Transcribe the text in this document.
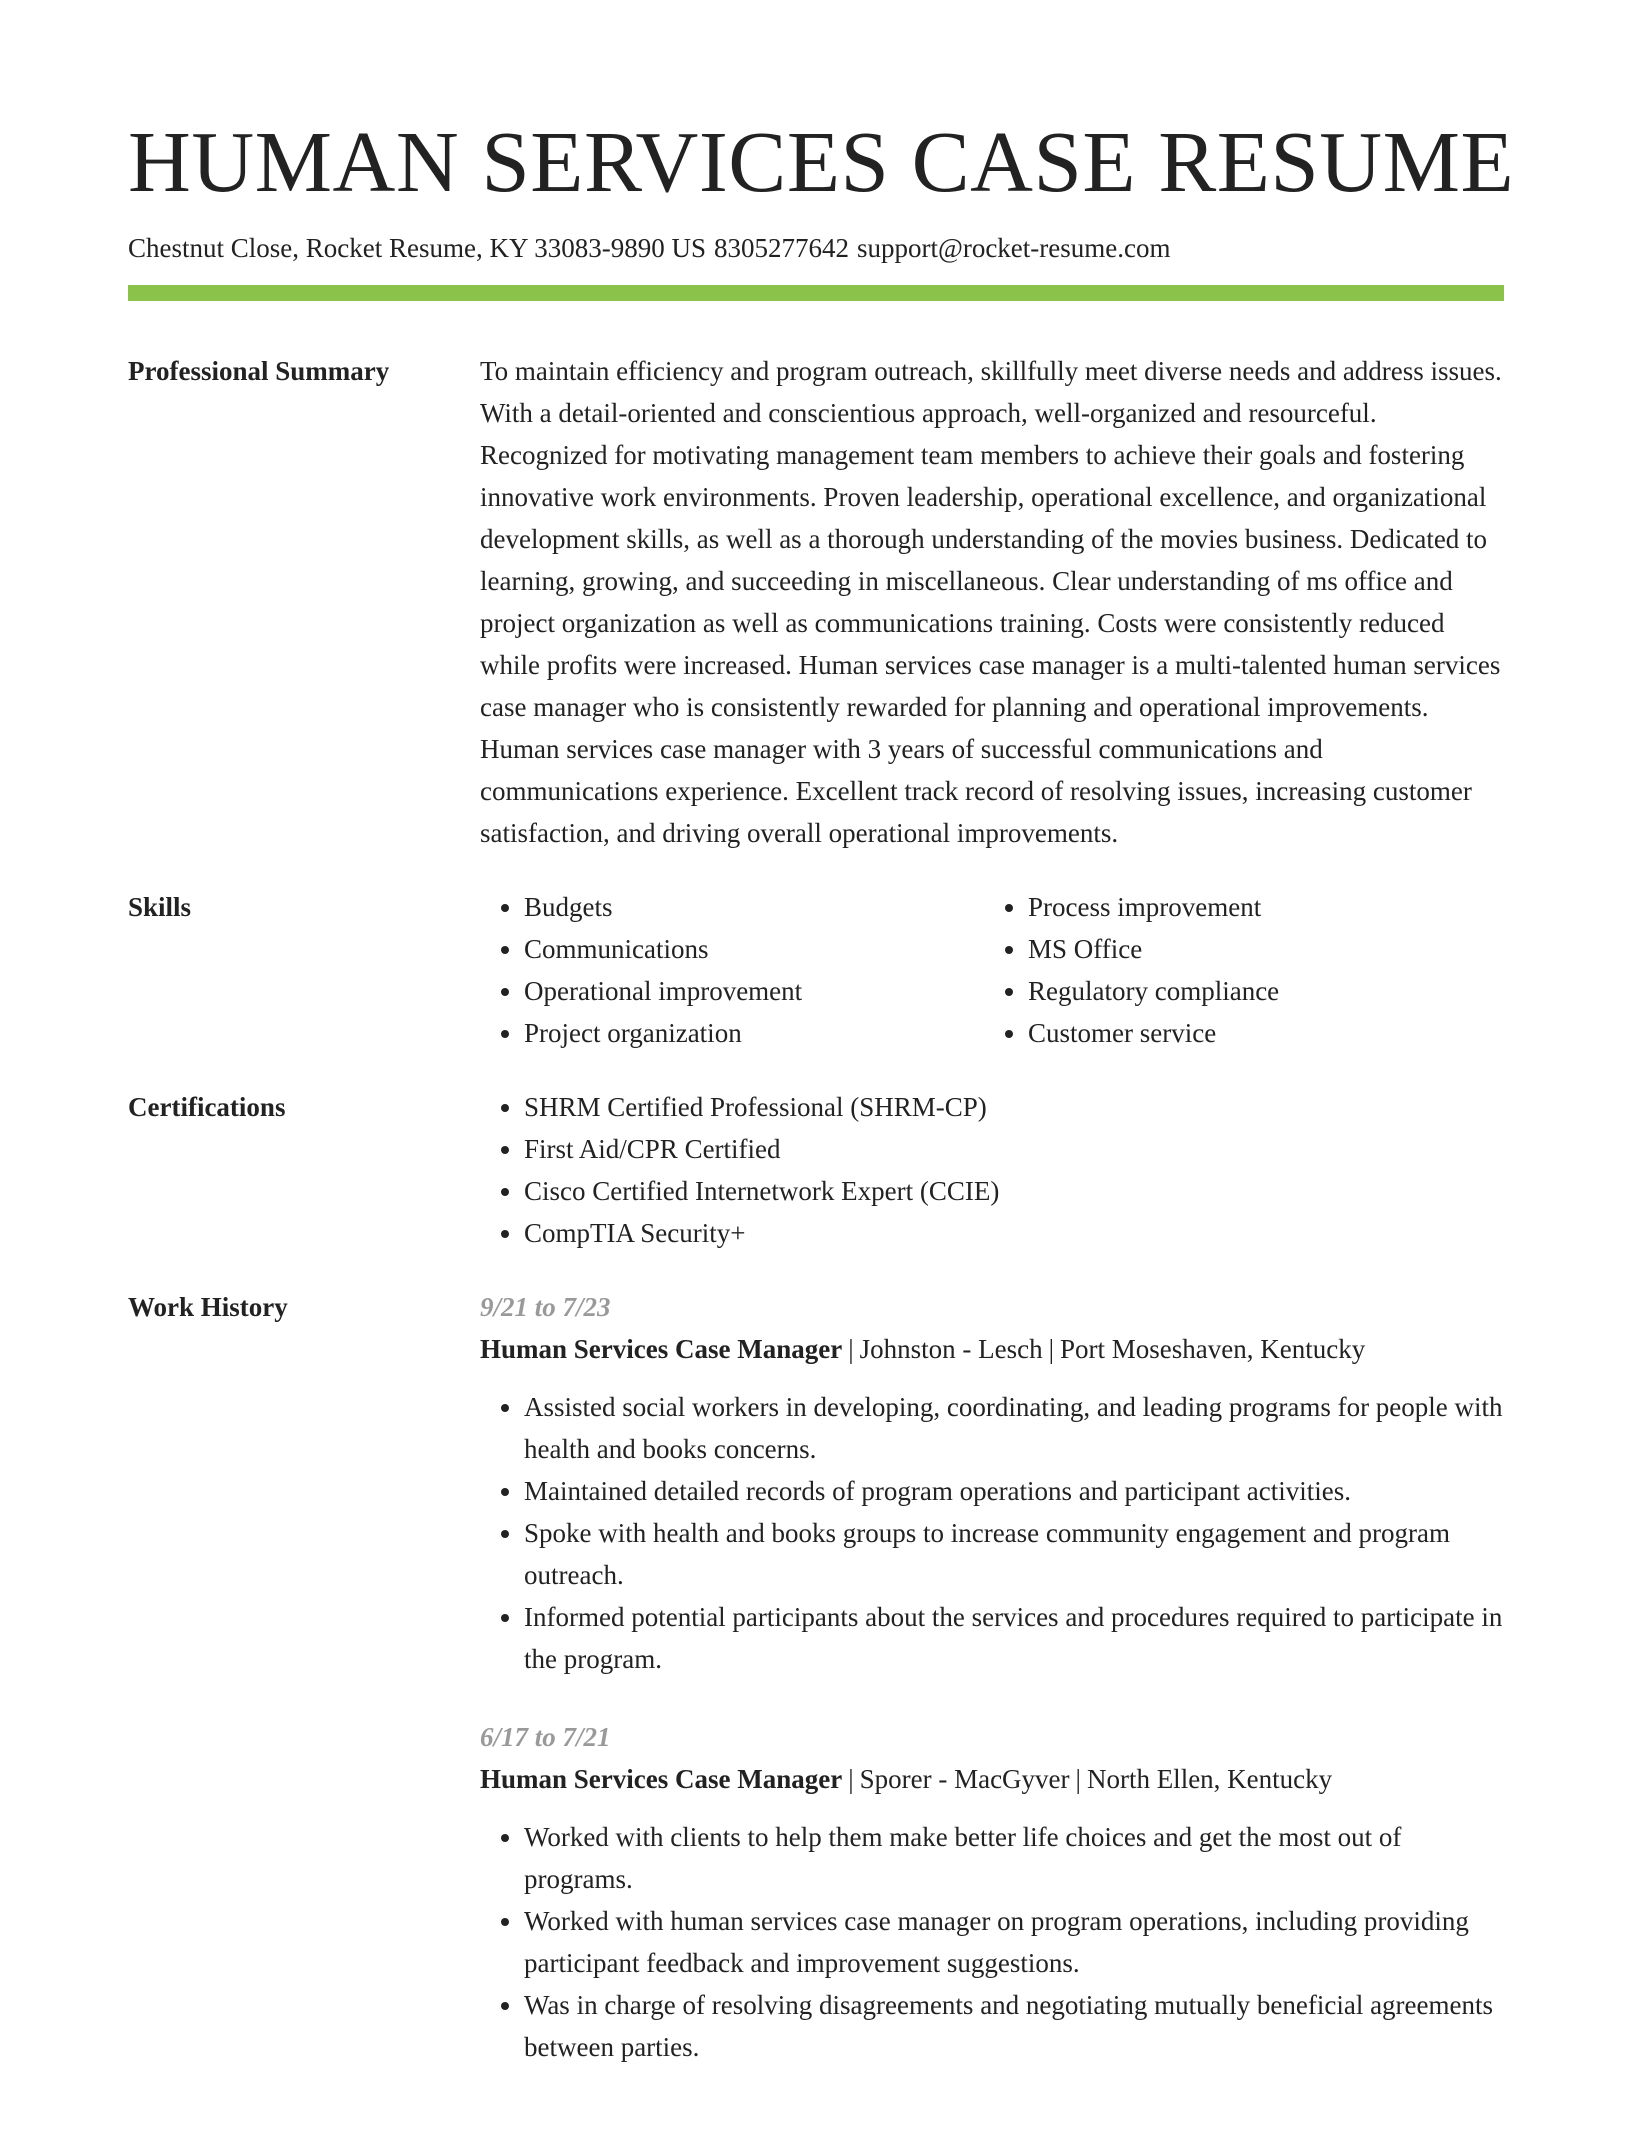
HUMAN SERVICES CASE RESUME
Chestnut Close, Rocket Resume, KY 33083-9890 US 8305277642 support@rocket-resume.com
Professional Summary	To maintain efficiency and program outreach, skillfully meet diverse needs and address issues. With a detail-oriented and conscientious approach, well-organized and resourceful. Recognized for motivating management team members to achieve their goals and fostering innovative work environments. Proven leadership, operational excellence, and organizational development skills, as well as a thorough understanding of the movies business. Dedicated to learning, growing, and succeeding in miscellaneous. Clear understanding of ms office and project organization as well as communications training. Costs were consistently reduced while profits were increased. Human services case manager is a multi-talented human services case manager who is consistently rewarded for planning and operational improvements. Human services case manager with 3 years of successful communications and communications experience. Excellent track record of resolving issues, increasing customer satisfaction, and driving overall operational improvements.

Skills	• Budgets
• Communications
• Operational improvement
• Project organization
• Process improvement
• MS Office
• Regulatory compliance
• Customer service
Certifications	• SHRM Certified Professional (SHRM-CP)
• First Aid/CPR Certified
• Cisco Certified Internetwork Expert (CCIE)
• CompTIA Security+
Work History	9/21 to 7/23
Human Services Case Manager | Johnston - Lesch | Port Moseshaven, Kentucky
• Assisted social workers in developing, coordinating, and leading programs for people with health and books concerns.
• Maintained detailed records of program operations and participant activities.
• Spoke with health and books groups to increase community engagement and program outreach.
• Informed potential participants about the services and procedures required to participate in the program.
6/17 to 7/21
Human Services Case Manager | Sporer - MacGyver | North Ellen, Kentucky
• Worked with clients to help them make better life choices and get the most out of programs.
• Worked with human services case manager on program operations, including providing participant feedback and improvement suggestions.
• Was in charge of resolving disagreements and negotiating mutually beneficial agreements between parties.
